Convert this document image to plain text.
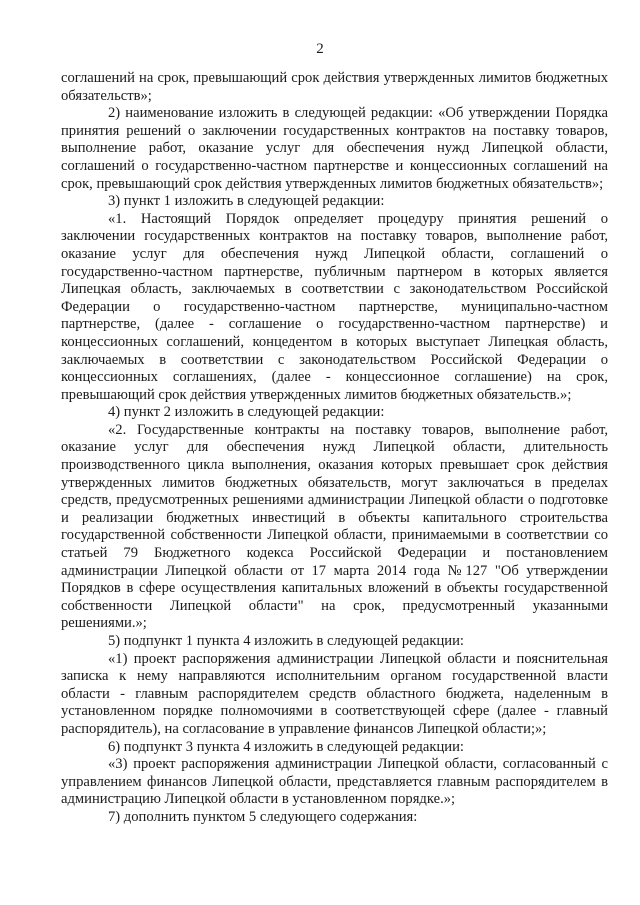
2

соглашений на срок, превышающий срок действия утвержденных лимитов бюджетных обязательств»;

2) наименование изложить в следующей редакции: «Об утверждении Порядка принятия решений о заключении государственных контрактов на поставку товаров, выполнение работ, оказание услуг для обеспечения нужд Липецкой области, соглашений о государственно-частном партнерстве и концессионных соглашений на срок, превышающий срок действия утвержденных лимитов бюджетных обязательств»;

3) пункт 1 изложить в следующей редакции:

«1. Настоящий Порядок определяет процедуру принятия решений о заключении государственных контрактов на поставку товаров, выполнение работ, оказание услуг для обеспечения нужд Липецкой области, соглашений о государственно-частном партнерстве, публичным партнером в которых является Липецкая область, заключаемых в соответствии с законодательством Российской Федерации о государственно-частном партнерстве, муниципально-частном партнерстве, (далее - соглашение о государственно-частном партнерстве) и концессионных соглашений, концедентом в которых выступает Липецкая область, заключаемых в соответствии с законодательством Российской Федерации о концессионных соглашениях, (далее - концессионное соглашение) на срок, превышающий срок действия утвержденных лимитов бюджетных обязательств.»;

4) пункт 2 изложить в следующей редакции:

«2. Государственные контракты на поставку товаров, выполнение работ, оказание услуг для обеспечения нужд Липецкой области, длительность производственного цикла выполнения, оказания которых превышает срок действия утвержденных лимитов бюджетных обязательств, могут заключаться в пределах средств, предусмотренных решениями администрации Липецкой области о подготовке и реализации бюджетных инвестиций в объекты капитального строительства государственной собственности Липецкой области, принимаемыми в соответствии со статьей 79 Бюджетного кодекса Российской Федерации и постановлением администрации Липецкой области от 17 марта 2014 года №127 "Об утверждении Порядков в сфере осуществления капитальных вложений в объекты государственной собственности Липецкой области" на срок, предусмотренный указанными решениями.»;

5) подпункт 1 пункта 4 изложить в следующей редакции:

«1) проект распоряжения администрации Липецкой области и пояснительная записка к нему направляются исполнительним органом государственной власти области - главным распорядителем средств областного бюджета, наделенным в установленном порядке полномочиями в соответствующей сфере (далее - главный распорядитель), на согласование в управление финансов Липецкой области;»;

6) подпункт 3 пункта 4 изложить в следующей редакции:

«3) проект распоряжения администрации Липецкой области, согласованный с управлением финансов Липецкой области, представляется главным распорядителем в администрацию Липецкой области в установленном порядке.»;

7) дополнить пунктом 5 следующего содержания:
